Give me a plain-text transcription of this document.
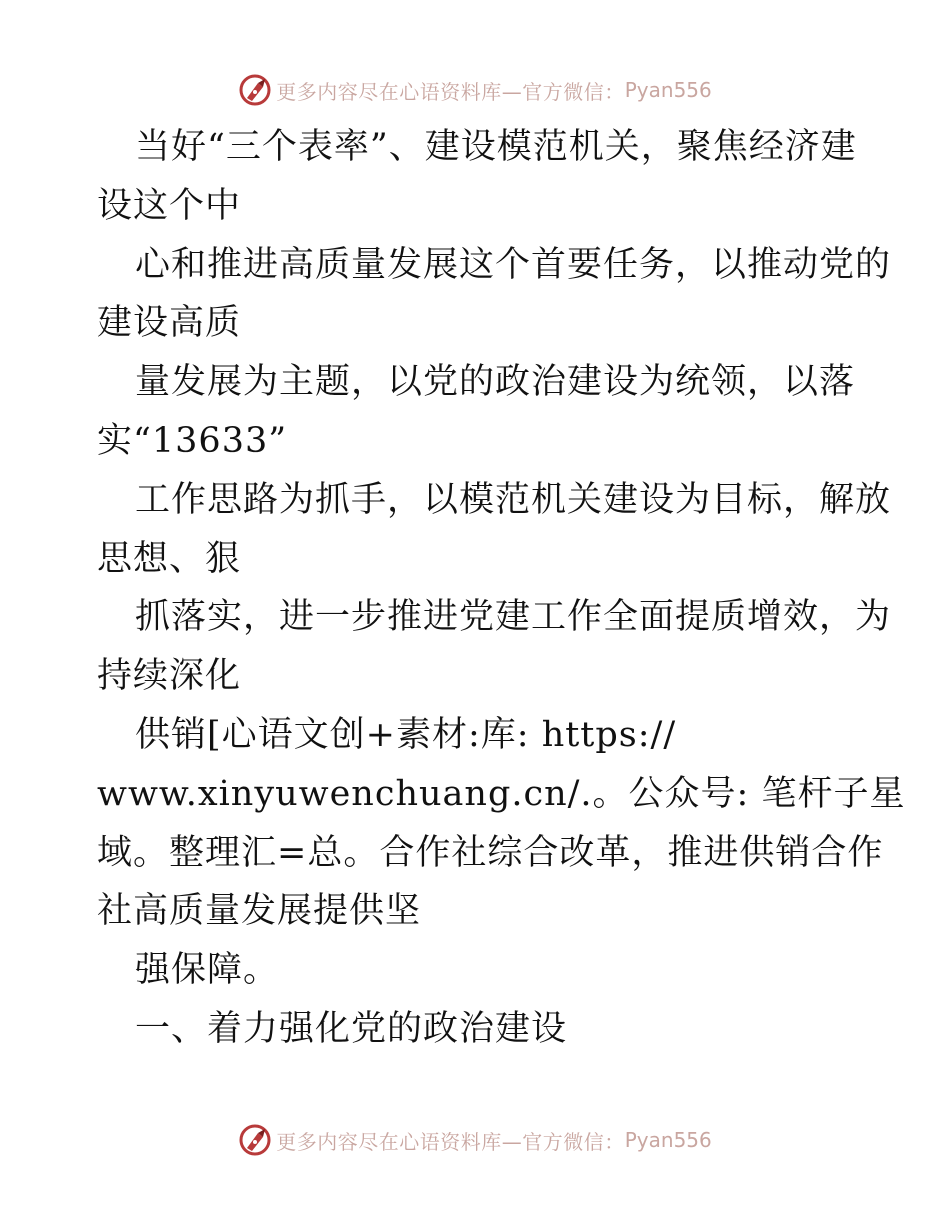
更多内容尽在心语资料库—官方微信： Pyan556
当好“三个表率”、建设模范机关，聚焦经济建
设这个中
心和推进高质量发展这个首要任务，以推动党的
建设高质
量发展为主题，以党的政治建设为统领，以落
实“13633”
工作思路为抓手，以模范机关建设为目标，解放
思想、狠
抓落实，进一步推进党建工作全面提质增效，为
持续深化
供销[心语文创+素材:库: https://
www.xinyuwenchuang.cn/.。公众号: 笔杆子星
域。整理汇=总。合作社综合改革，推进供销合作
社高质量发展提供坚
强保障。
一、着力强化党的政治建设
更多内容尽在心语资料库—官方微信： Pyan556
